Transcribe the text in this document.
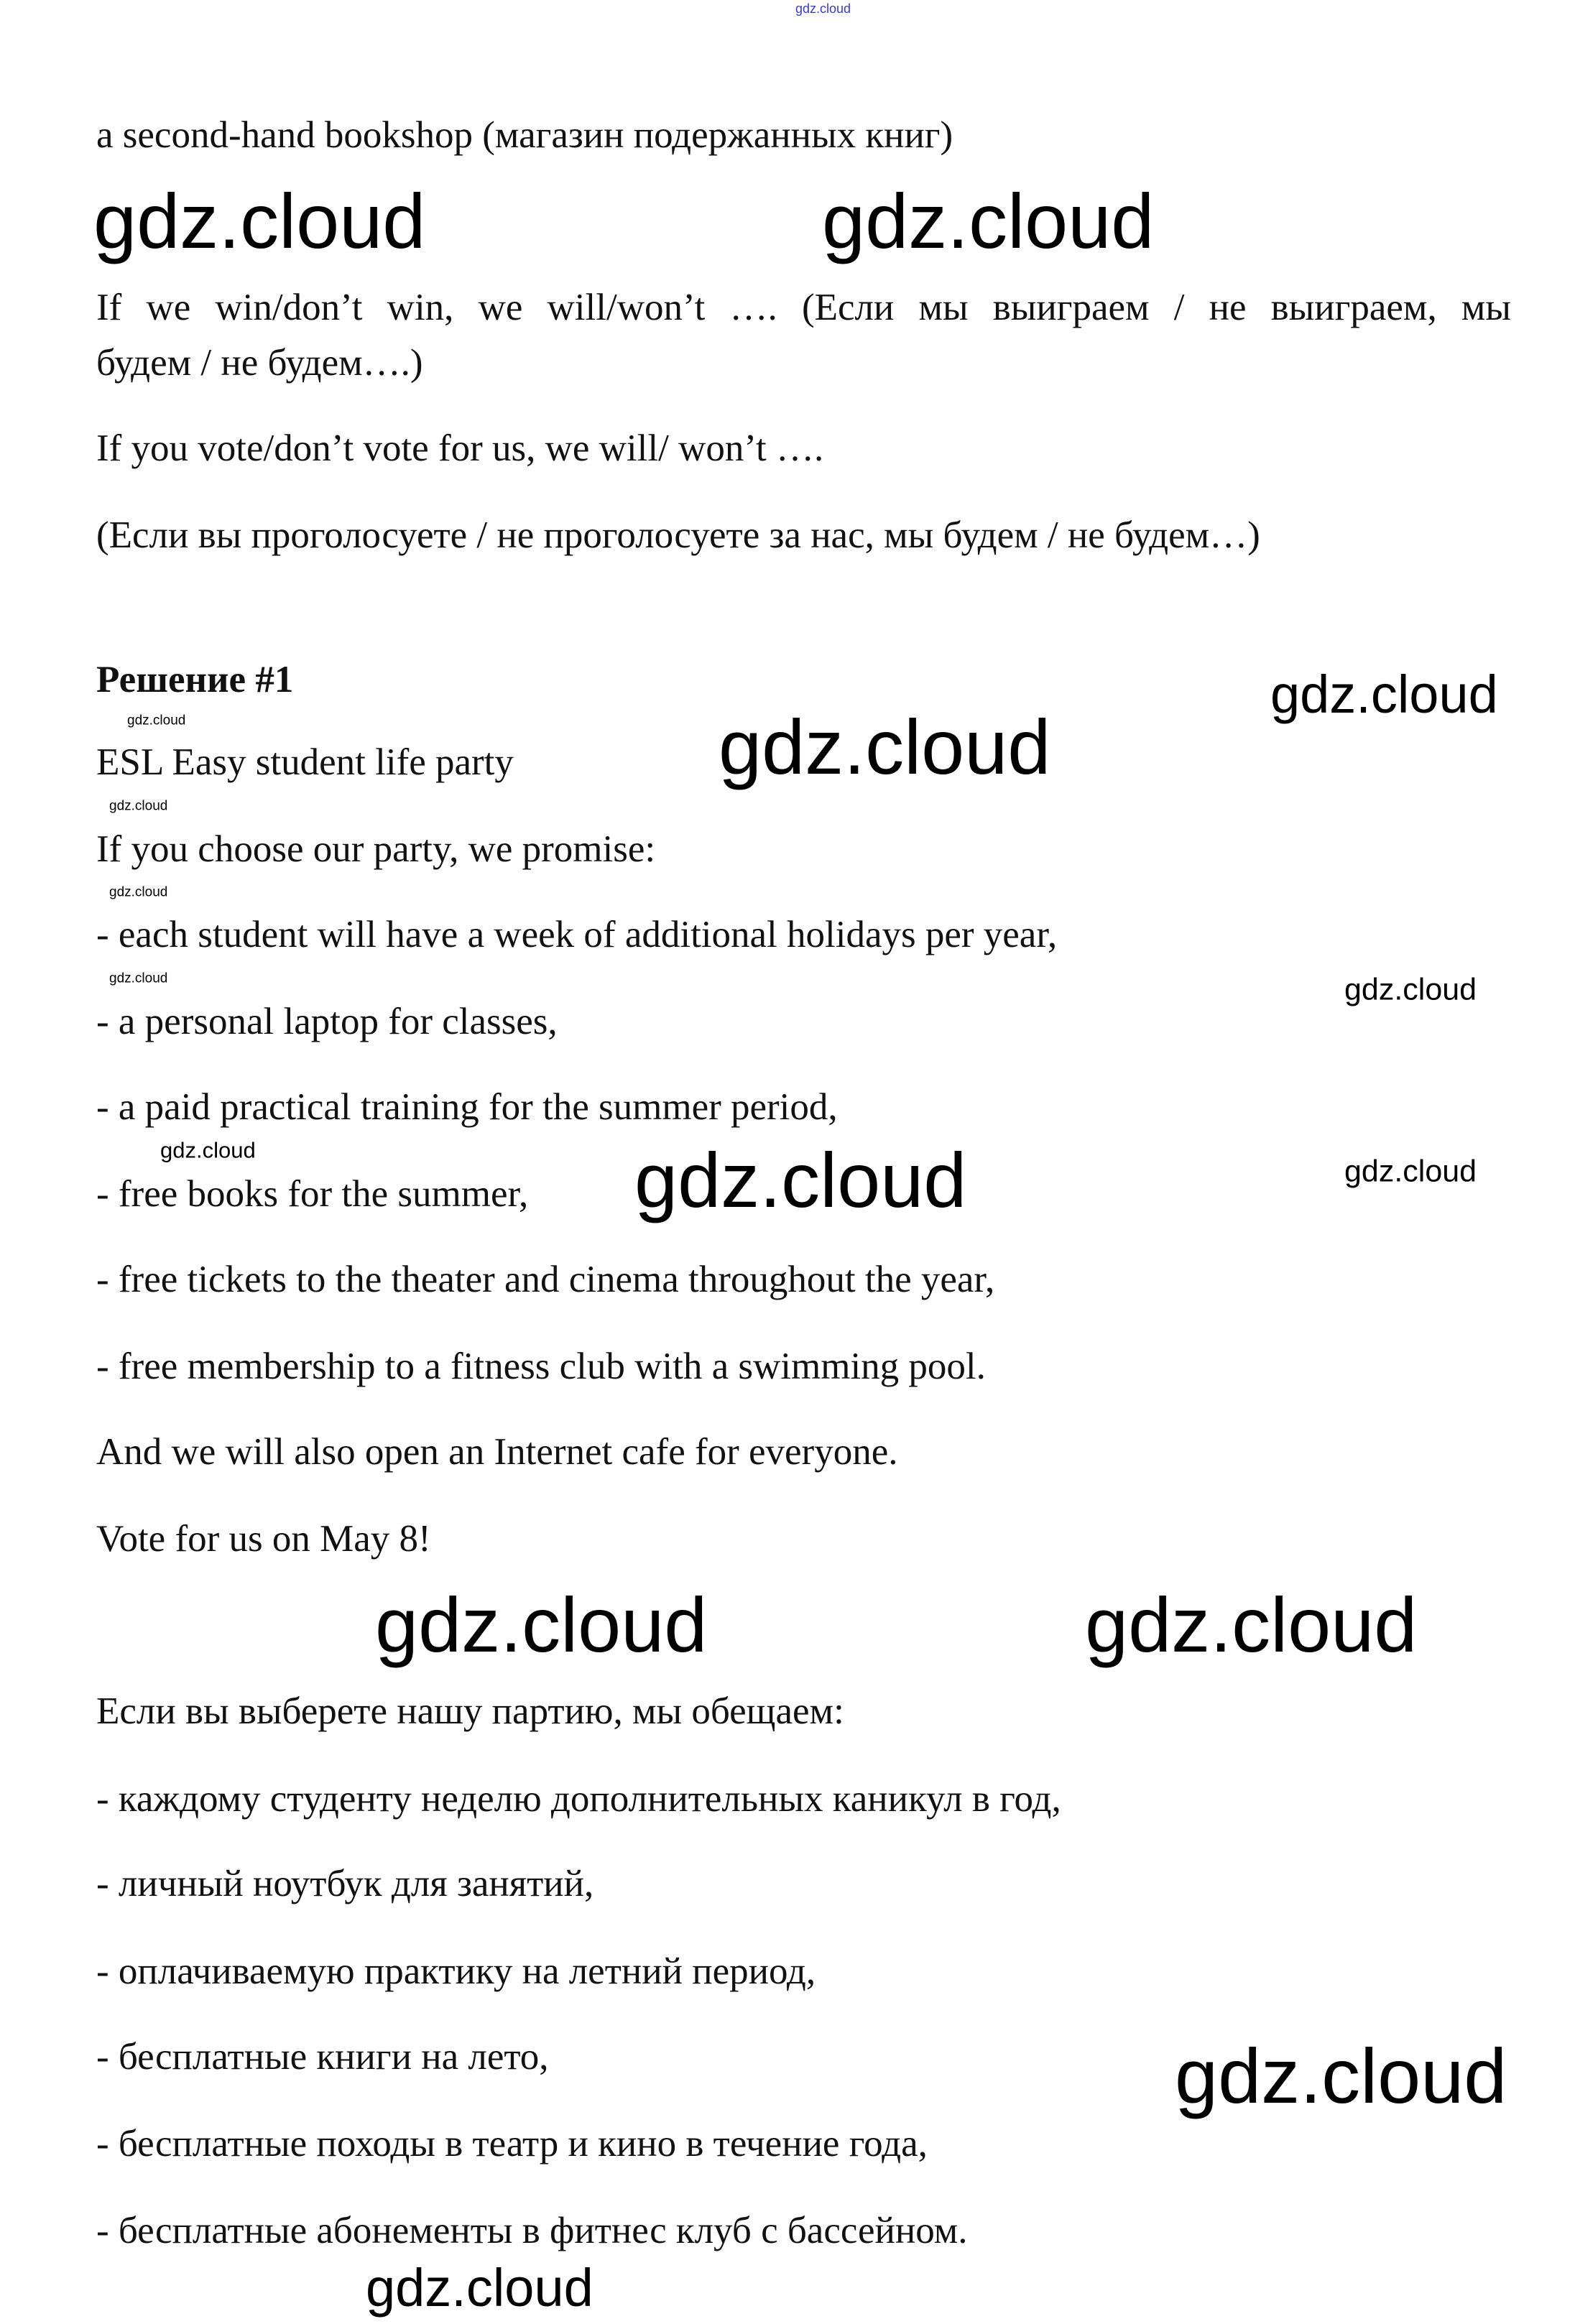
a second-hand bookshop (магазин подержанных книг)
If we win/don’t win, we will/won’t …. (Если мы выиграем / не выиграем, мы
будем / не будем….)
If you vote/don’t vote for us, we will/ won’t ….
(Если вы проголосуете / не проголосуете за нас, мы будем / не будем…)
Решение #1
ESL Easy student life party
If you choose our party, we promise:
- each student will have a week of additional holidays per year,
- a personal laptop for classes,
- a paid practical training for the summer period,
- free books for the summer,
- free tickets to the theater and cinema throughout the year,
- free membership to a fitness club with a swimming pool.
And we will also open an Internet cafe for everyone.
Vote for us on May 8!
Если вы выберете нашу партию, мы обещаем:
- каждому студенту неделю дополнительных каникул в год,
- личный ноутбук для занятий,
- оплачиваемую практику на летний период,
- бесплатные книги на лето,
- бесплатные походы в театр и кино в течение года,
- бесплатные абонементы в фитнес клуб с бассейном.
gdz.cloud
gdz.cloud	gdz.cloud
gdz.cloud
gdz.cloud	gdz.cloud
gdz.cloud
gdz.cloud
gdz.cloud	gdz.cloud
gdz.cloud
gdz.cloud
gdz.cloud
gdz.cloud	gdz.cloud
gdz.cloud
gdz.cloud
